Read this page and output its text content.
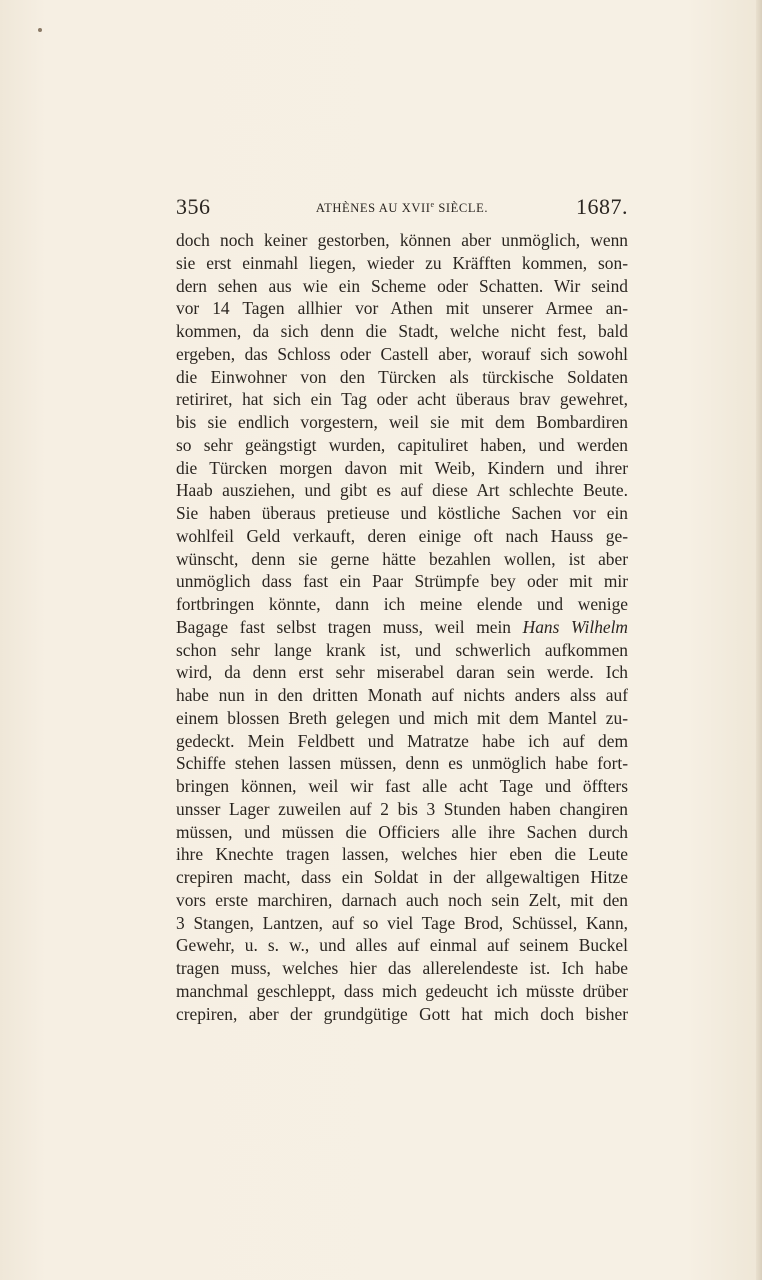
356	ATHÈNES AU XVIIe SIÈCLE.	1687.
doch noch keiner gestorben, können aber unmöglich, wenn
sie erst einmahl liegen, wieder zu Kräfften kommen, son-
dern sehen aus wie ein Scheme oder Schatten. Wir seind
vor 14 Tagen allhier vor Athen mit unserer Armee an-
kommen, da sich denn die Stadt, welche nicht fest, bald
ergeben, das Schloss oder Castell aber, worauf sich sowohl
die Einwohner von den Türcken als türckische Soldaten
retiriret, hat sich ein Tag oder acht überaus brav gewehret,
bis sie endlich vorgestern, weil sie mit dem Bombardiren
so sehr geängstigt wurden, capituliret haben, und werden
die Türcken morgen davon mit Weib, Kindern und ihrer
Haab ausziehen, und gibt es auf diese Art schlechte Beute.
Sie haben überaus pretieuse und köstliche Sachen vor ein
wohlfeil Geld verkauft, deren einige oft nach Hauss ge-
wünscht, denn sie gerne hätte bezahlen wollen, ist aber
unmöglich dass fast ein Paar Strümpfe bey oder mit mir
fortbringen könnte, dann ich meine elende und wenige
Bagage fast selbst tragen muss, weil mein Hans Wilhelm
schon sehr lange krank ist, und schwerlich aufkommen
wird, da denn erst sehr miserabel daran sein werde. Ich
habe nun in den dritten Monath auf nichts anders alss auf
einem blossen Breth gelegen und mich mit dem Mantel zu-
gedeckt. Mein Feldbett und Matratze habe ich auf dem
Schiffe stehen lassen müssen, denn es unmöglich habe fort-
bringen können, weil wir fast alle acht Tage und öffters
unsser Lager zuweilen auf 2 bis 3 Stunden haben changiren
müssen, und müssen die Officiers alle ihre Sachen durch
ihre Knechte tragen lassen, welches hier eben die Leute
crepiren macht, dass ein Soldat in der allgewaltigen Hitze
vors erste marchiren, darnach auch noch sein Zelt, mit den
3 Stangen, Lantzen, auf so viel Tage Brod, Schüssel, Kann,
Gewehr, u. s. w., und alles auf einmal auf seinem Buckel
tragen muss, welches hier das allerelendeste ist. Ich habe
manchmal geschleppt, dass mich gedeucht ich müsste drüber
crepiren, aber der grundgütige Gott hat mich doch bisher
